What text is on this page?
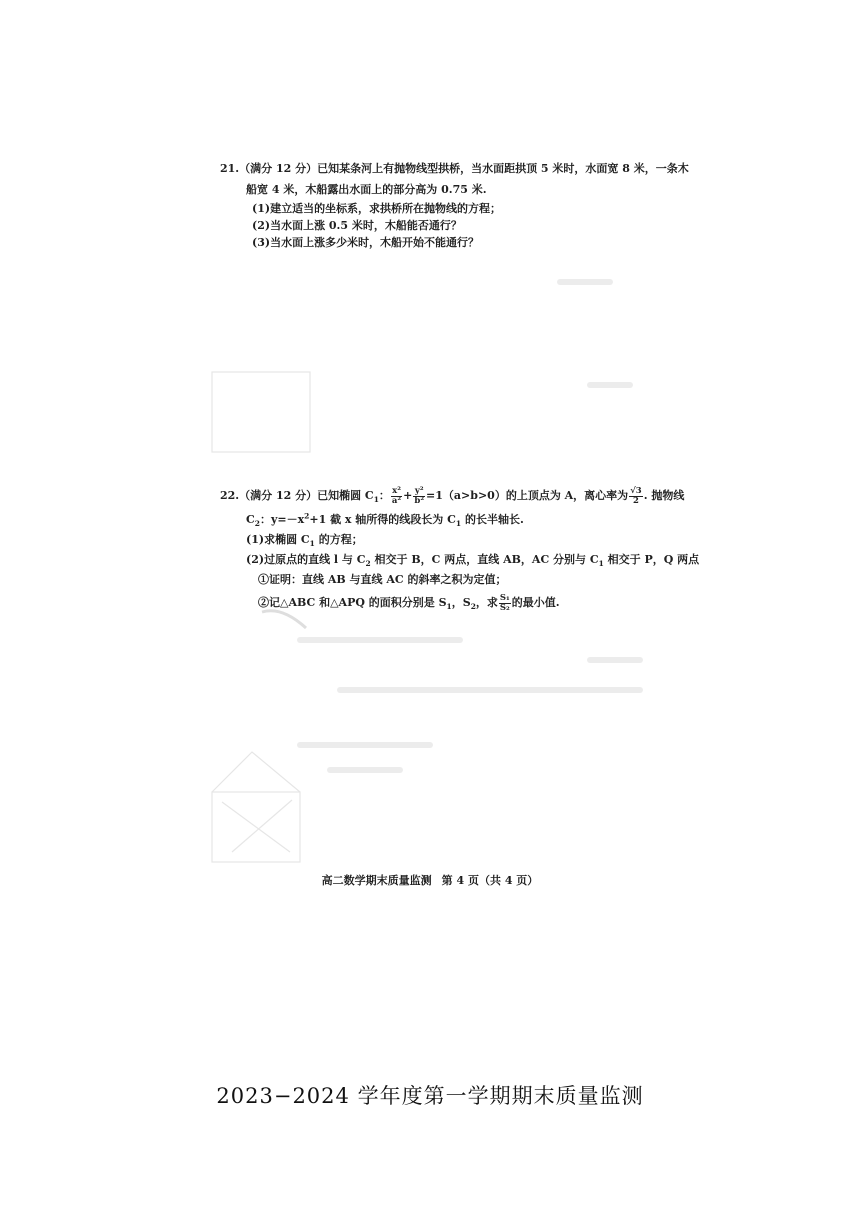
21.（满分 12 分）已知某条河上有抛物线型拱桥，当水面距拱顶 5 米时，水面宽 8 米，一条木
船宽 4 米，木船露出水面上的部分高为 0.75 米.
(1)建立适当的坐标系，求拱桥所在抛物线的方程；
(2)当水面上涨 0.5 米时，木船能否通行？
(3)当水面上涨多少米时，木船开始不能通行？
22.（满分 12 分）已知椭圆 $C_1$： $\frac{\text{x²}}{\text{a²}} + \frac{\text{y²}}{\text{b²}} =1(a>b>0)$的上顶点为 A，离心率为 $\frac{√3}{2}$ . 抛物线
$C_2$：$y=-x^2+1$ 截 x 轴所得的线段长为 $C_1$ 的长半轴长.
(1)求椭圆 $C_1$ 的方程；
(2)过原点的直线 l 与 $C_2$ 相交于 B，C 两点，直线 AB，AC 分别与 $C_1$ 相交于 P，Q 两点
①证明：直线 AB 与直线 AC 的斜率之积为定值；
②记△ABC 和△APQ 的面积分别是 $S_1$，$S_2$，求 $\frac{\text{S₁}}{\text{S₂}}$ 的最小值.
高二数学期末质量监测 第 4 页（共 4 页）
2023−2024 学年度第一学期期末质量监测
